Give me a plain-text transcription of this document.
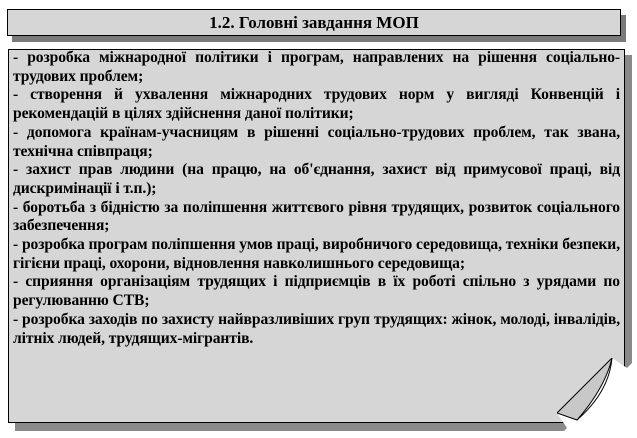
1.2. Головні завдання МОП

- розробка міжнародної політики і програм, направлених на рішення соціально-трудових проблем;

- створення й ухвалення міжнародних трудових норм у вигляді Конвенцій і рекомендацій в цілях здійснення даної політики;

- допомога країнам-учасницям в рішенні соціально-трудових проблем, так звана, технічна співпраця;

- захист прав людини (на працю, на об'єднання, захист від примусової праці, від дискримінації і т.п.);

- боротьба з бідністю за поліпшення життєвого рівня трудящих, розвиток соціального забезпечення;

- розробка програм поліпшення умов праці, виробничого середовища, техніки безпеки, гігієни праці, охорони, відновлення навколишнього середовища;

- сприяння організаціям трудящих і підприємців в їх роботі спільно з урядами по регулюванню СТВ;

- розробка заходів по захисту найвразливіших груп трудящих: жінок, молоді, інвалідів, літніх людей, трудящих-мігрантів.
